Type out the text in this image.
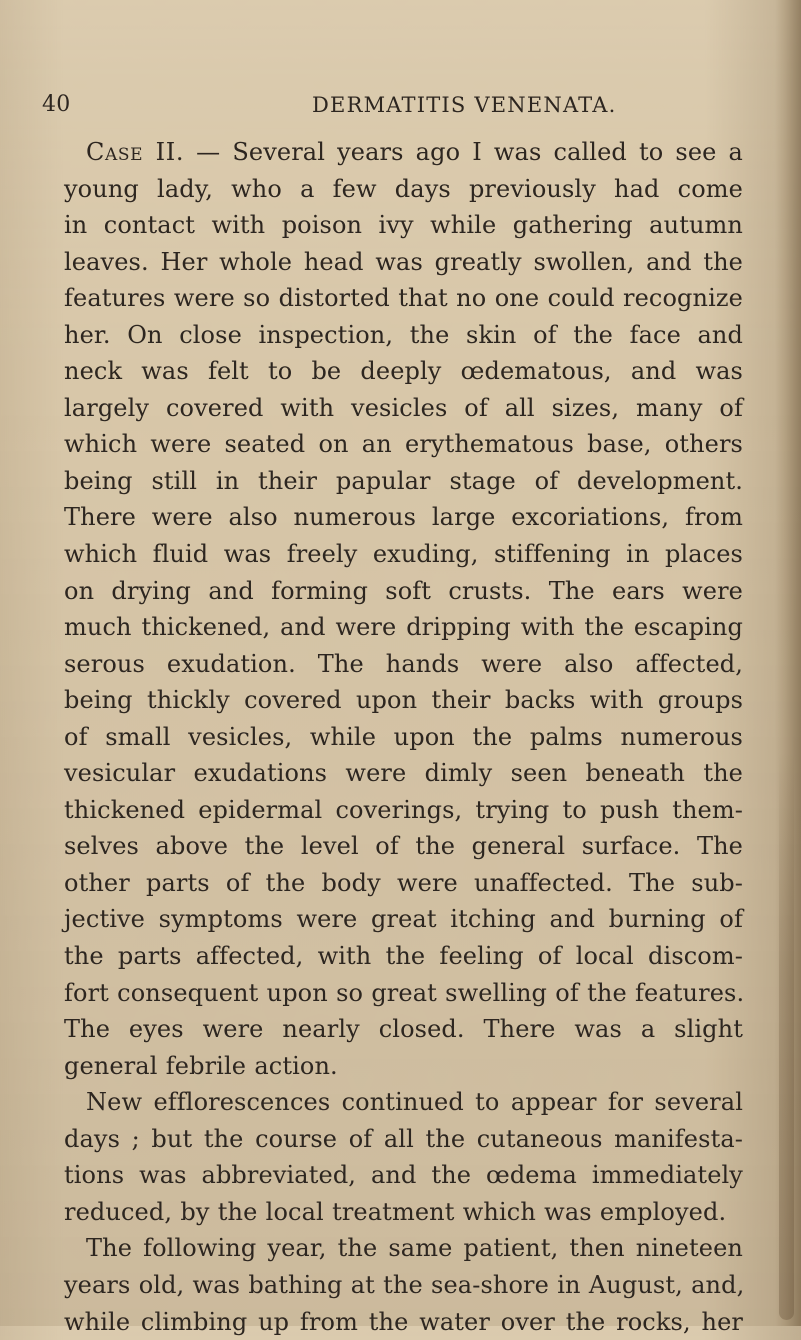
40	DERMATITIS VENENATA.
Case II. — Several years ago I was called to see a
young lady, who a few days previously had come
in contact with poison ivy while gathering autumn
leaves. Her whole head was greatly swollen, and the
features were so distorted that no one could recognize
her. On close inspection, the skin of the face and
neck was felt to be deeply œdematous, and was
largely covered with vesicles of all sizes, many of
which were seated on an erythematous base, others
being still in their papular stage of development.
There were also numerous large excoriations, from
which fluid was freely exuding, stiffening in places
on drying and forming soft crusts. The ears were
much thickened, and were dripping with the escaping
serous exudation. The hands were also affected,
being thickly covered upon their backs with groups
of small vesicles, while upon the palms numerous
vesicular exudations were dimly seen beneath the
thickened epidermal coverings, trying to push them-
selves above the level of the general surface. The
other parts of the body were unaffected. The sub-
jective symptoms were great itching and burning of
the parts affected, with the feeling of local discom-
fort consequent upon so great swelling of the features.
The eyes were nearly closed. There was a slight
general febrile action.
New efflorescences continued to appear for several
days ; but the course of all the cutaneous manifesta-
tions was abbreviated, and the œdema immediately
reduced, by the local treatment which was employed.
The following year, the same patient, then nineteen
years old, was bathing at the sea-shore in August, and,
while climbing up from the water over the rocks, her
